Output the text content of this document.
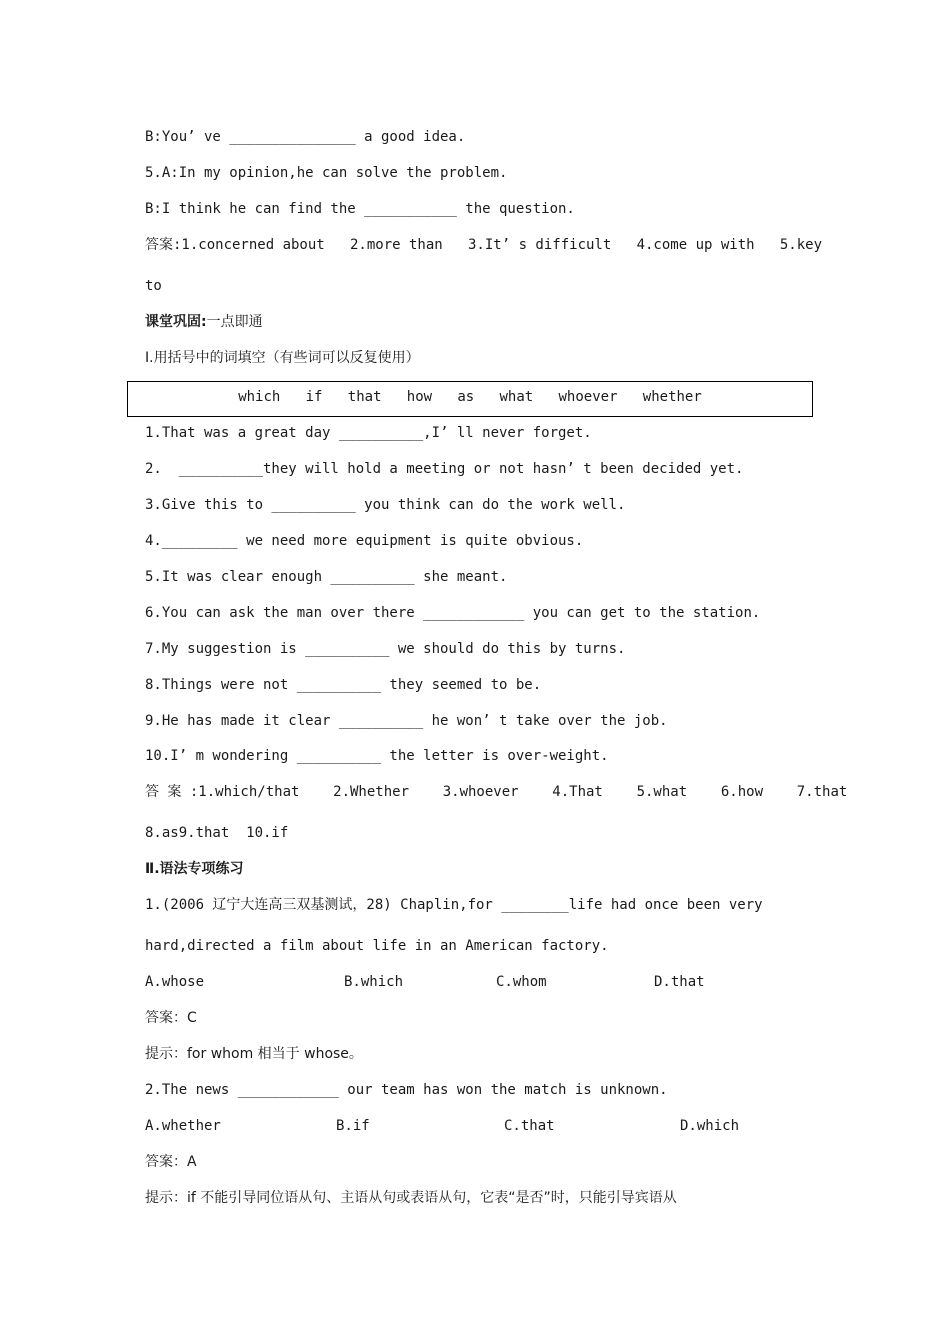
B:You’ ve _______________ a good idea.
5.A:In my opinion,he can solve the problem.
B:I think he can find the ___________ the question.
答案:1.concerned about   2.more than   3.It’ s difficult   4.come up with   5.key
to
课堂巩固:一点即通
Ⅰ.用括号中的词填空（有些词可以反复使用）
which   if   that   how   as   what   whoever   whether
1.That was a great day __________,I’ ll never forget.
2.  __________they will hold a meeting or not hasn’ t been decided yet.
3.Give this to __________ you think can do the work well.
4._________ we need more equipment is quite obvious.
5.It was clear enough __________ she meant.
6.You can ask the man over there ____________ you can get to the station.
7.My suggestion is __________ we should do this by turns.
8.Things were not __________ they seemed to be.
9.He has made it clear __________ he won’ t take over the job.
10.I’ m wondering __________ the letter is over-weight.
答 案 :1.which/that    2.Whether    3.whoever    4.That    5.what    6.how    7.that
8.as9.that  10.if
Ⅱ.语法专项练习
1.(2006 辽宁大连高三双基测试，28) Chaplin,for ________life had once been very
hard,directed a film about life in an American factory.
A.whose	B.which	C.whom	D.that
答案：C
提示：for whom 相当于 whose。
2.The news ____________ our team has won the match is unknown.
A.whether	B.if	C.that	D.which
答案：A
提示：if 不能引导同位语从句、主语从句或表语从句，它表“是否”时，只能引导宾语从
